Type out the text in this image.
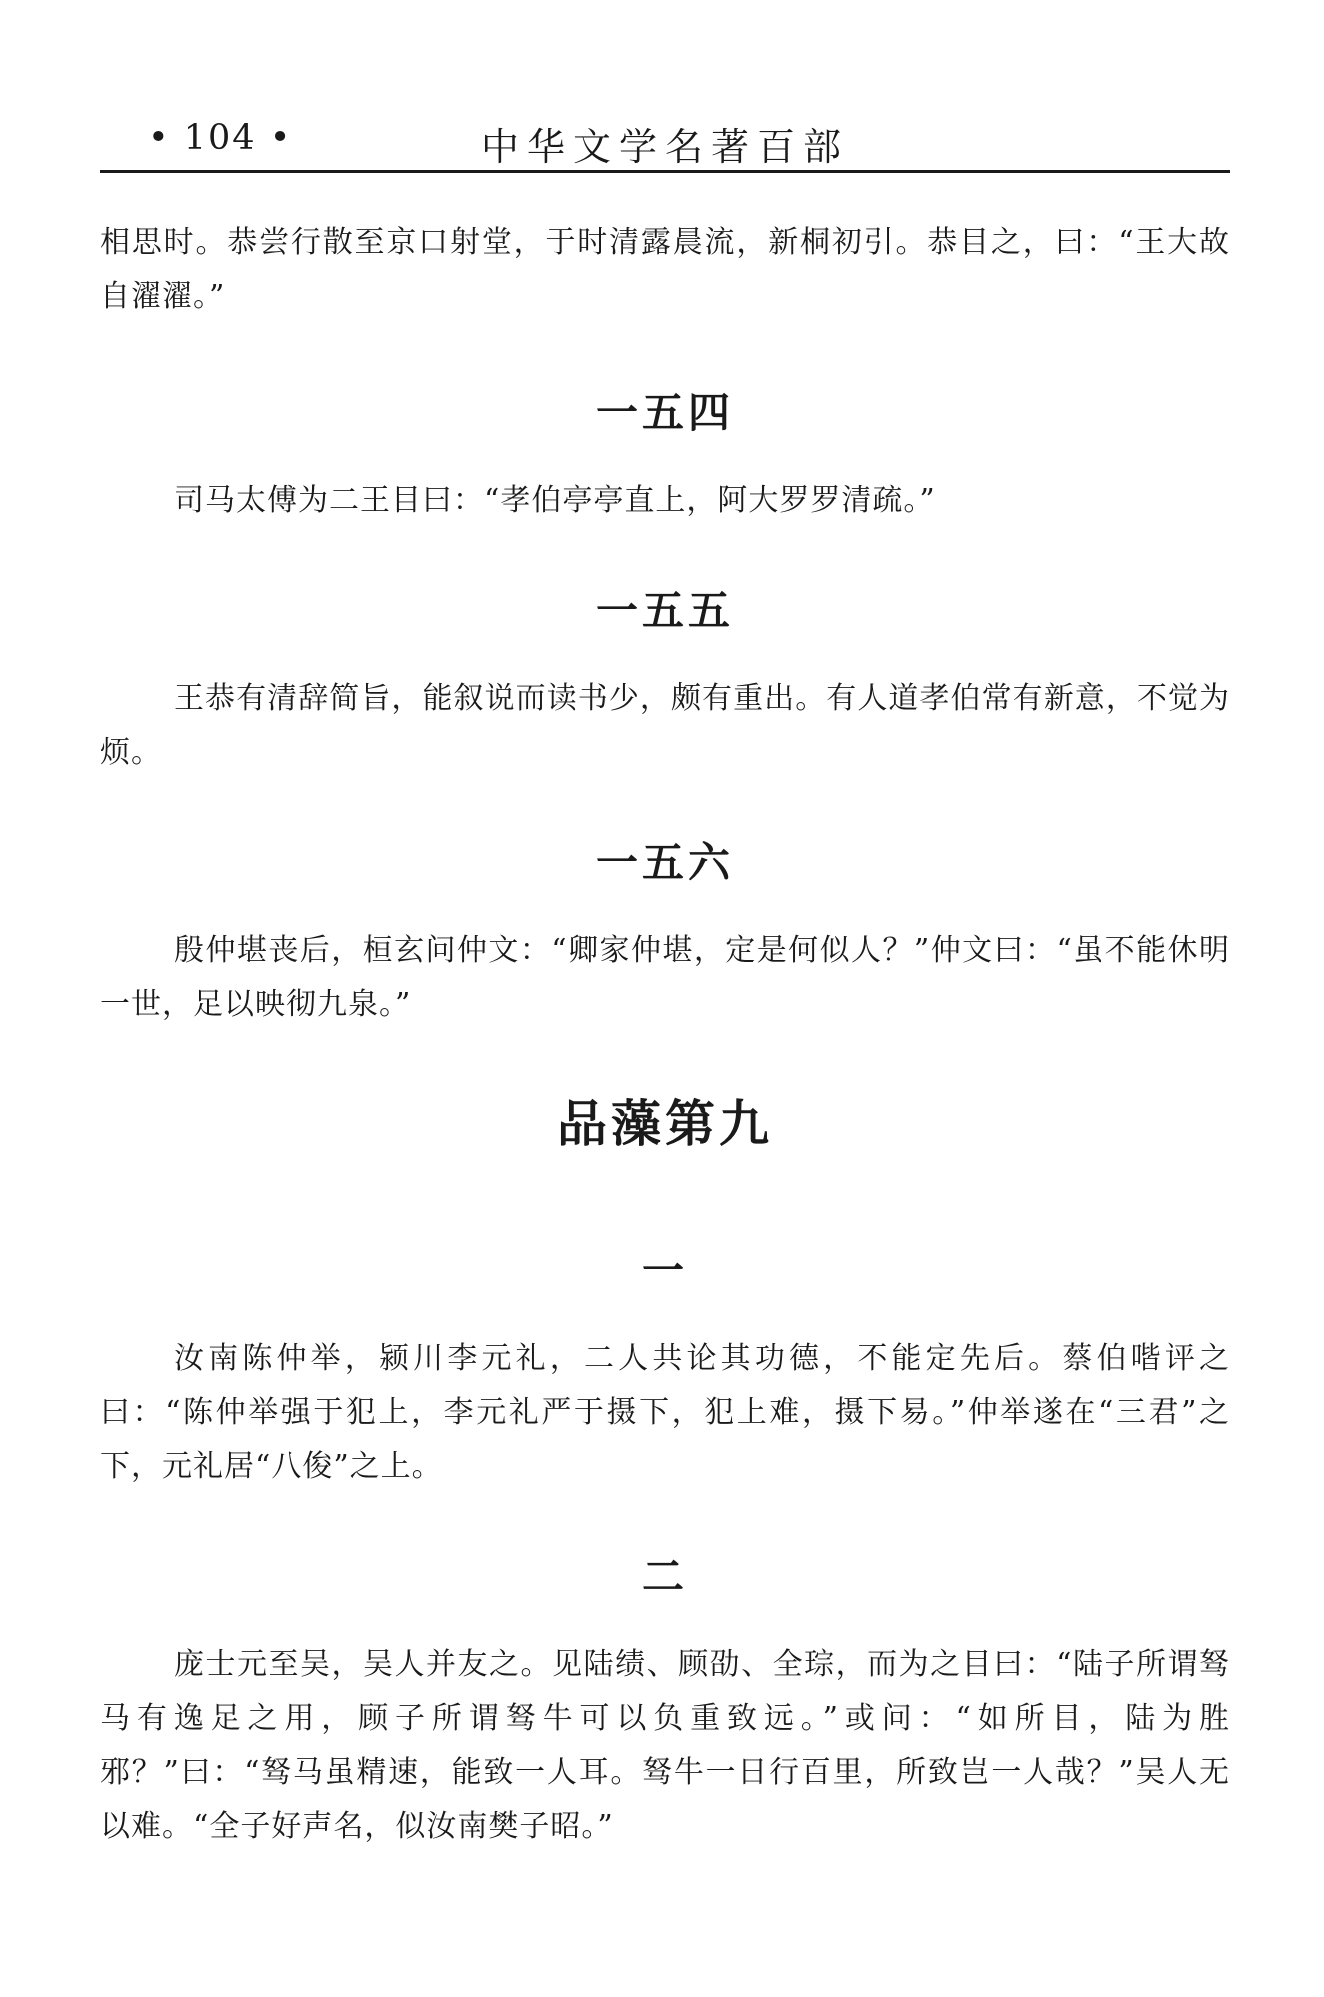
• 104 •	中华文学名著百部

相思时。恭尝行散至京口射堂，于时清露晨流，新桐初引。恭目之，曰：“王大故自濯濯。”

一五四

司马太傅为二王目曰：“孝伯亭亭直上，阿大罗罗清疏。”

一五五

王恭有清辞简旨，能叙说而读书少，颇有重出。有人道孝伯常有新意，不觉为烦。

一五六

殷仲堪丧后，桓玄问仲文：“卿家仲堪，定是何似人？”仲文曰：“虽不能休明一世，足以映彻九泉。”

品藻第九
一

汝南陈仲举，颍川李元礼，二人共论其功德，不能定先后。蔡伯喈评之曰：“陈仲举强于犯上，李元礼严于摄下，犯上难，摄下易。”仲举遂在“三君”之下，元礼居“八俊”之上。

二

庞士元至吴，吴人并友之。见陆绩、顾劭、全琮，而为之目曰：“陆子所谓驽马有逸足之用，顾子所谓驽牛可以负重致远。”或问：“如所目，陆为胜邪？”曰：“驽马虽精速，能致一人耳。驽牛一日行百里，所致岂一人哉？”吴人无以难。“全子好声名，似汝南樊子昭。”
